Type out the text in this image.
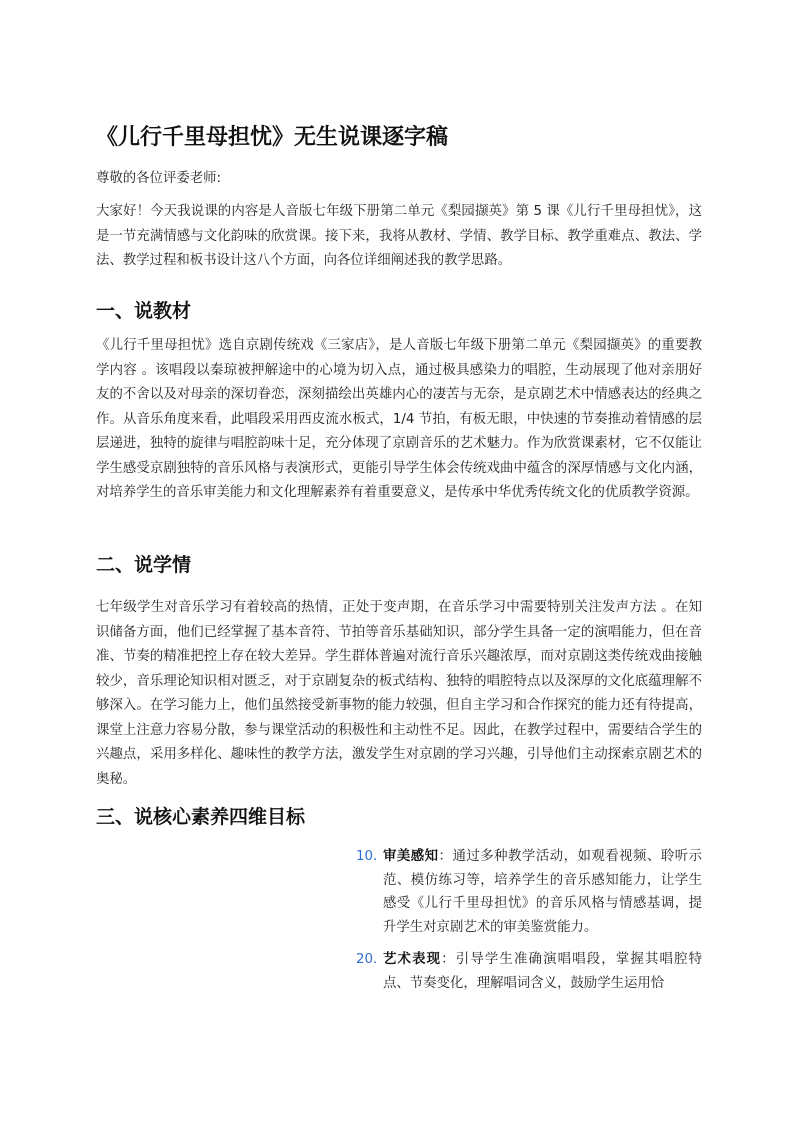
《儿行千里母担忧》无生说课逐字稿

尊敬的各位评委老师:

大家好！今天我说课的内容是人音版七年级下册第二单元《梨园撷英》第 5 课《儿行千里母担忧》，这是一节充满情感与文化韵味的欣赏课。接下来，我将从教材、学情、教学目标、教学重难点、教法、学法、教学过程和板书设计这八个方面，向各位详细阐述我的教学思路。

一、说教材

《儿行千里母担忧》选自京剧传统戏《三家店》，是人音版七年级下册第二单元《梨园撷英》的重要教学内容 。该唱段以秦琼被押解途中的心境为切入点，通过极具感染力的唱腔，生动展现了他对亲朋好友的不舍以及对母亲的深切眷恋，深刻描绘出英雄内心的凄苦与无奈，是京剧艺术中情感表达的经典之作。从音乐角度来看，此唱段采用西皮流水板式，1/4 节拍，有板无眼，中快速的节奏推动着情感的层层递进，独特的旋律与唱腔韵味十足，充分体现了京剧音乐的艺术魅力。作为欣赏课素材，它不仅能让学生感受京剧独特的音乐风格与表演形式，更能引导学生体会传统戏曲中蕴含的深厚情感与文化内涵，对培养学生的音乐审美能力和文化理解素养有着重要意义，是传承中华优秀传统文化的优质教学资源。

二、说学情

七年级学生对音乐学习有着较高的热情，正处于变声期，在音乐学习中需要特别关注发声方法 。在知识储备方面，他们已经掌握了基本音符、节拍等音乐基础知识，部分学生具备一定的演唱能力，但在音准、节奏的精准把控上存在较大差异。学生群体普遍对流行音乐兴趣浓厚，而对京剧这类传统戏曲接触较少，音乐理论知识相对匮乏，对于京剧复杂的板式结构、独特的唱腔特点以及深厚的文化底蕴理解不够深入。在学习能力上，他们虽然接受新事物的能力较强，但自主学习和合作探究的能力还有待提高，课堂上注意力容易分散，参与课堂活动的积极性和主动性不足。因此，在教学过程中，需要结合学生的兴趣点，采用多样化、趣味性的教学方法，激发学生对京剧的学习兴趣，引导他们主动探索京剧艺术的奥秘。

三、说核心素养四维目标
10. 审美感知：通过多种教学活动，如观看视频、聆听示范、模仿练习等，培养学生的音乐感知能力，让学生感受《儿行千里母担忧》的音乐风格与情感基调，提升学生对京剧艺术的审美鉴赏能力。
20. 艺术表现：引导学生准确演唱唱段，掌握其唱腔特点、节奏变化，理解唱词含义，鼓励学生运用恰
